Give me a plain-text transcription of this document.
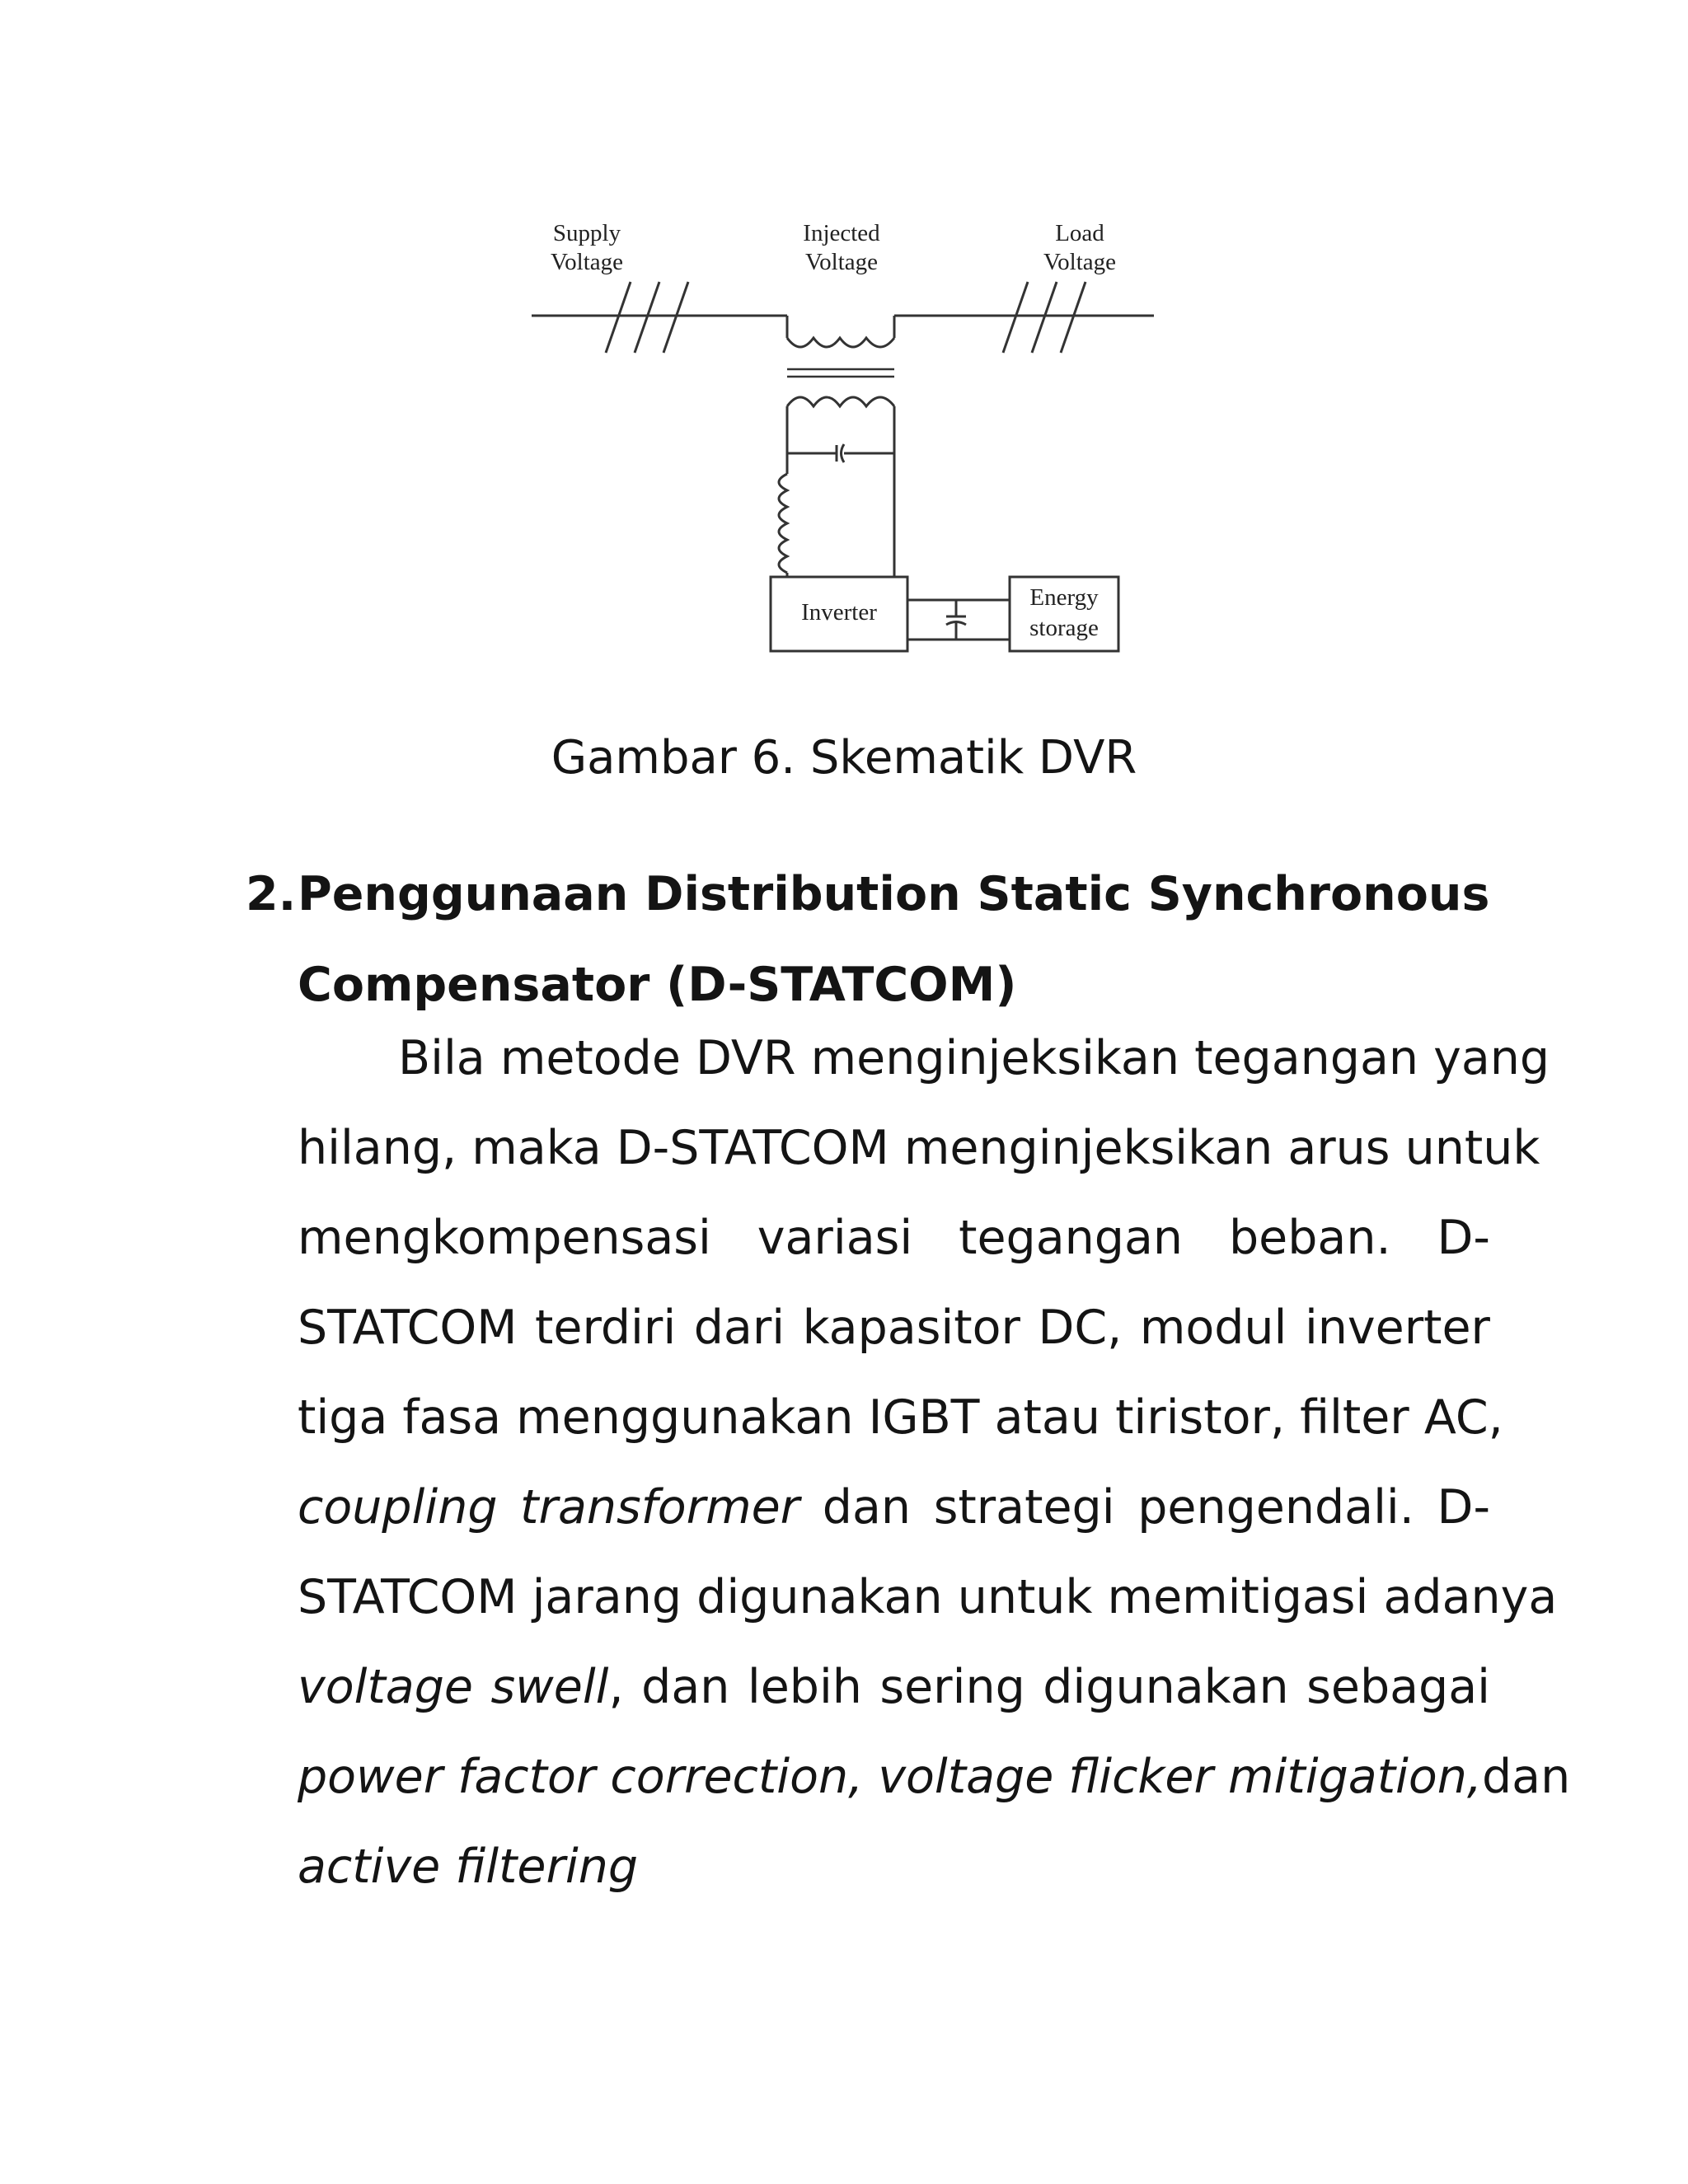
Supply
Voltage
Injected
Voltage
Load
Voltage
Inverter
Energy
storage
Gambar 6. Skematik DVR
2. Penggunaan Distribution Static Synchronous
Compensator (D-STATCOM)
Bila metode DVR menginjeksikan tegangan yang
hilang, maka D-STATCOM menginjeksikan arus untuk
mengkompensasi variasi tegangan beban. D-
STATCOM terdiri dari kapasitor DC, modul inverter
tiga fasa menggunakan IGBT atau tiristor, filter AC,
coupling transformer dan strategi pengendali. D-
STATCOM jarang digunakan untuk memitigasi adanya
voltage swell, dan lebih sering digunakan sebagai
power factor correction, voltage flicker mitigation,dan
active filtering
